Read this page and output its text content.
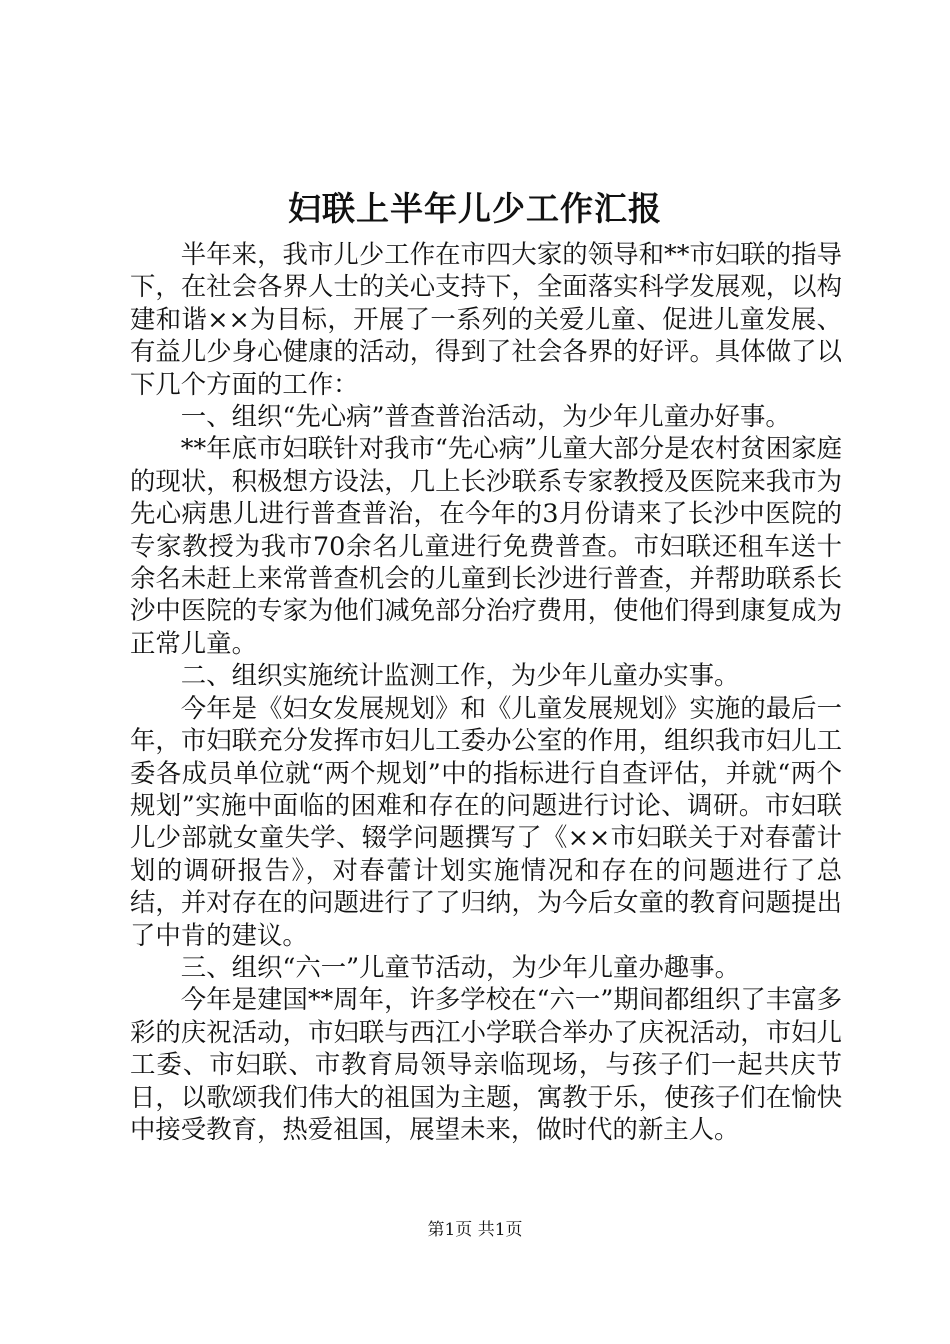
妇联上半年儿少工作汇报

半年来，我市儿少工作在市四大家的领导和**市妇联的指导下，在社会各界人士的关心支持下，全面落实科学发展观，以构建和谐××为目标，开展了一系列的关爱儿童、促进儿童发展、有益儿少身心健康的活动，得到了社会各界的好评。具体做了以下几个方面的工作：

一、组织“先心病”普查普治活动，为少年儿童办好事。

**年底市妇联针对我市“先心病”儿童大部分是农村贫困家庭的现状，积极想方设法，几上长沙联系专家教授及医院来我市为先心病患儿进行普查普治，在今年的3月份请来了长沙中医院的专家教授为我市70余名儿童进行免费普查。市妇联还租车送十余名未赶上来常普查机会的儿童到长沙进行普查，并帮助联系长沙中医院的专家为他们减免部分治疗费用，使他们得到康复成为正常儿童。

二、组织实施统计监测工作，为少年儿童办实事。

今年是《妇女发展规划》和《儿童发展规划》实施的最后一年，市妇联充分发挥市妇儿工委办公室的作用，组织我市妇儿工委各成员单位就“两个规划”中的指标进行自查评估，并就“两个规划”实施中面临的困难和存在的问题进行讨论、调研。市妇联儿少部就女童失学、辍学问题撰写了《××市妇联关于对春蕾计划的调研报告》，对春蕾计划实施情况和存在的问题进行了总结，并对存在的问题进行了了归纳，为今后女童的教育问题提出了中肯的建议。

三、组织“六一”儿童节活动，为少年儿童办趣事。

今年是建国**周年，许多学校在“六一”期间都组织了丰富多彩的庆祝活动，市妇联与西江小学联合举办了庆祝活动，市妇儿工委、市妇联、市教育局领导亲临现场，与孩子们一起共庆节日，以歌颂我们伟大的祖国为主题，寓教于乐，使孩子们在愉快中接受教育，热爱祖国，展望未来，做时代的新主人。

第1页 共1页
